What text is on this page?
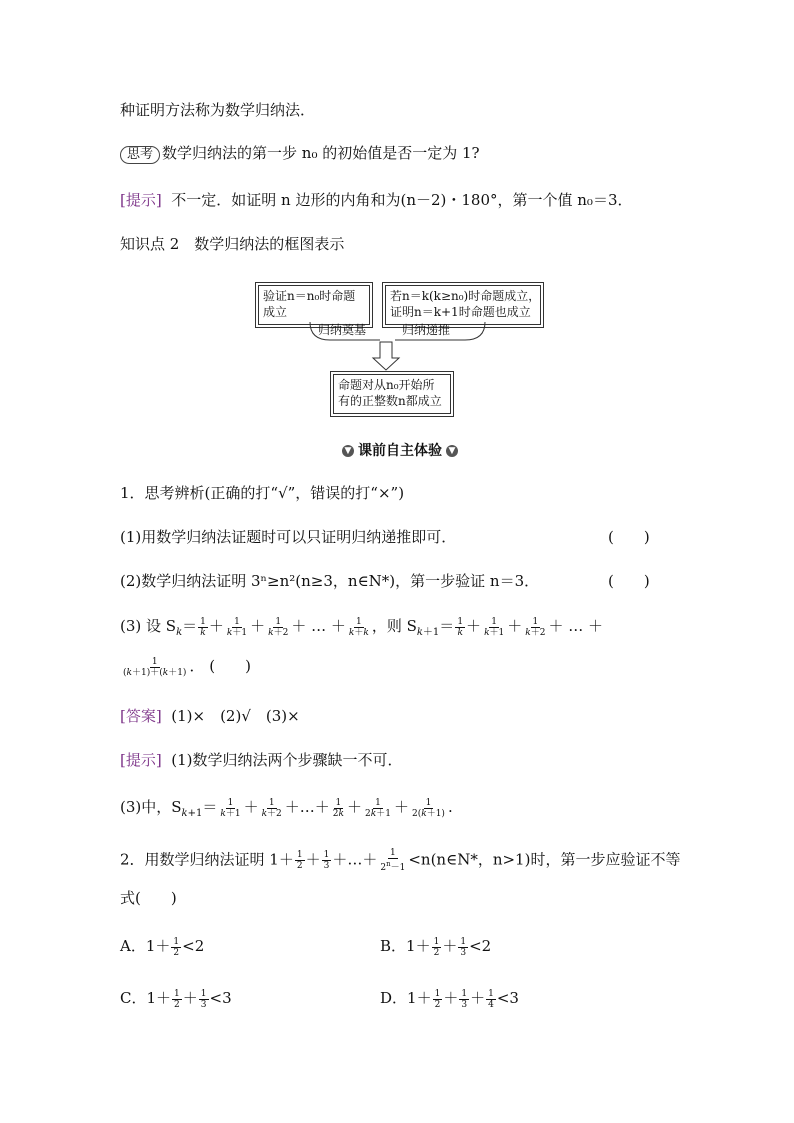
种证明方法称为数学归纳法．
思考 数学归纳法的第一步 n₀ 的初始值是否一定为 1?
[提示] 不一定．如证明 n 边形的内角和为(n－2)・180°，第一个值 n₀＝3．
知识点 2　数学归纳法的框图表示
验证n＝n₀时命题
成立
若n＝k(k≥n₀)时命题成立，
证明n＝k+1时命题也成立
归纳奠基	归纳递推
命题对从n₀开始所
有的正整数n都成立
▼ 课前自主体验 ▼
1．思考辨析(正确的打“√”，错误的打“×”)
(1)用数学归纳法证题时可以只证明归纳递推即可．	(　　)
(2)数学归纳法证明 3ⁿ≥n²(n≥3，n∈N*)，第一步验证 n＝3．	(　　)
(3) 设 $S_k= \frac{1}{k} + \frac{1}{k+1} + \frac{1}{k+2}$ ＋ … ＋ $\frac{1}{k+k}$ ，则 $S_{k+1}= \frac{1}{k} + \frac{1}{k+1} + \frac{1}{k+2}$ ＋ … ＋
$\frac{1}{(k+1)+(k+1)}$ ． (　　)
[答案] (1)×　(2)√　(3)×
[提示] (1)数学归纳法两个步骤缺一不可．
(3)中，$S_{k+1}= \frac{1}{k+1} + \frac{1}{k+2}$ ＋…＋ $\frac{1}{2k} + \frac{1}{2k+1} + \frac{1}{2(k+1)}$ .
2．用数学归纳法证明 $1+ \frac{1}{2} + \frac{1}{3}$ ＋…＋ $\frac{1}{2^n-1}$ <n(n∈N*，n>1)时，第一步应验证不等
式(　　)
A．$1+ \frac{1}{2} <2$	B．$1+ \frac{1}{2} + \frac{1}{3} <2$
C．$1+ \frac{1}{2} + \frac{1}{3} <3$	D．$1+ \frac{1}{2} + \frac{1}{3} + \frac{1}{4} <3$
